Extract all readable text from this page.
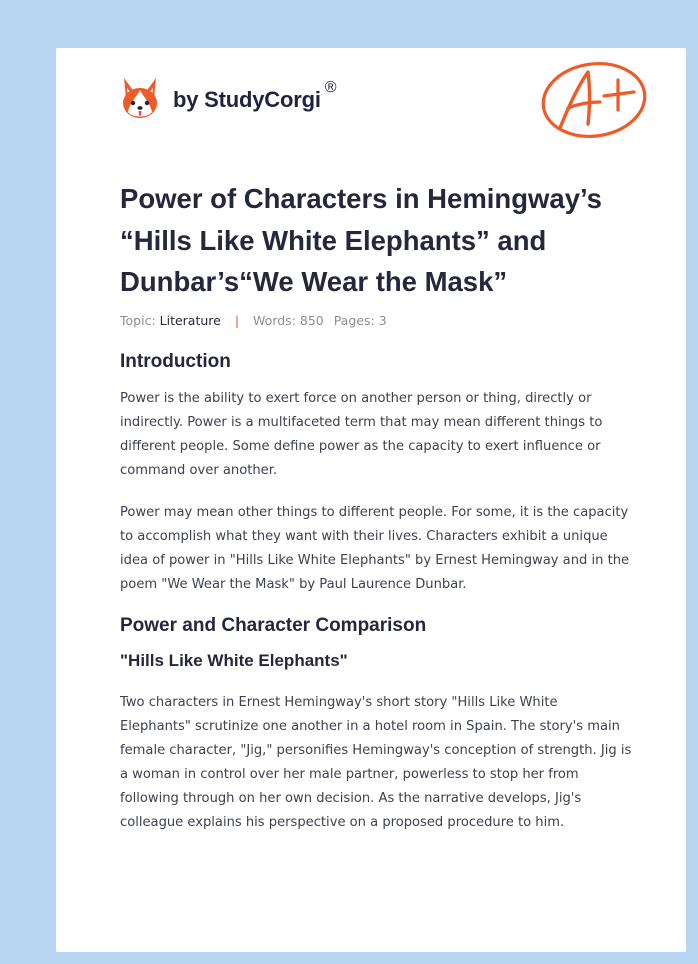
by StudyCorgi ®
Power of Characters in Hemingway’s “Hills Like White Elephants” and Dunbar’s“We Wear the Mask”
Topic: Literature | Words: 850 Pages: 3
Introduction

Power is the ability to exert force on another person or thing, directly or indirectly. Power is a multifaceted term that may mean different things to different people. Some define power as the capacity to exert influence or command over another.

Power may mean other things to different people. For some, it is the capacity to accomplish what they want with their lives. Characters exhibit a unique idea of power in "Hills Like White Elephants" by Ernest Hemingway and in the poem "We Wear the Mask" by Paul Laurence Dunbar.

Power and Character Comparison
"Hills Like White Elephants"

Two characters in Ernest Hemingway's short story "Hills Like White Elephants" scrutinize one another in a hotel room in Spain. The story's main female character, "Jig," personifies Hemingway's conception of strength. Jig is a woman in control over her male partner, powerless to stop her from following through on her own decision. As the narrative develops, Jig's colleague explains his perspective on a proposed procedure to him.
